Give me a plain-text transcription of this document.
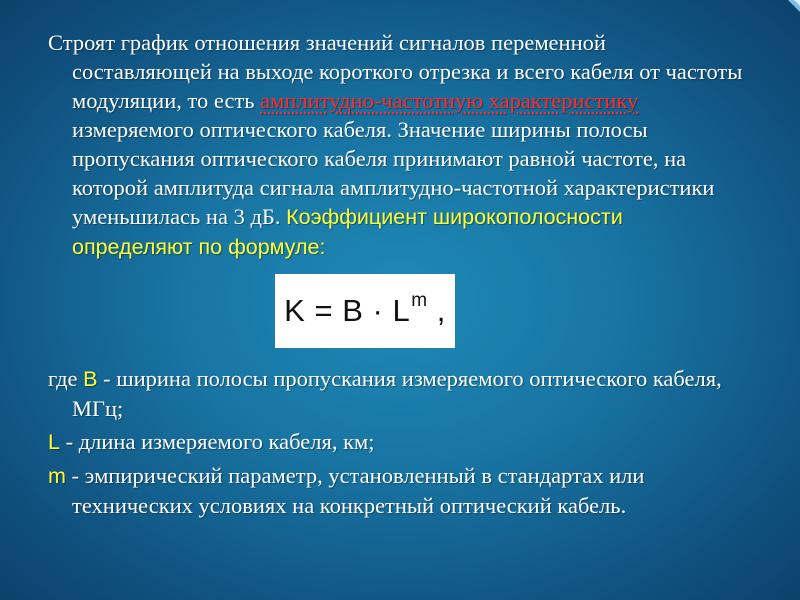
Строят график отношения значений сигналов переменной составляющей на выходе короткого отрезка и всего кабеля от частоты модуляции, то есть амплитудно-частотную характеристику измеряемого оптического кабеля. Значение ширины полосы пропускания оптического кабеля принимают равной частоте, на которой амплитуда сигнала амплитудно-частотной характеристики уменьшилась на 3 дБ. Коэффициент широкополосности определяют по формуле:
$K = B \cdot L^m$ ,
где B - ширина полосы пропускания измеряемого оптического кабеля, МГц;
L - длина измеряемого кабеля, км;
m - эмпирический параметр, установленный в стандартах или технических условиях на конкретный оптический кабель.
